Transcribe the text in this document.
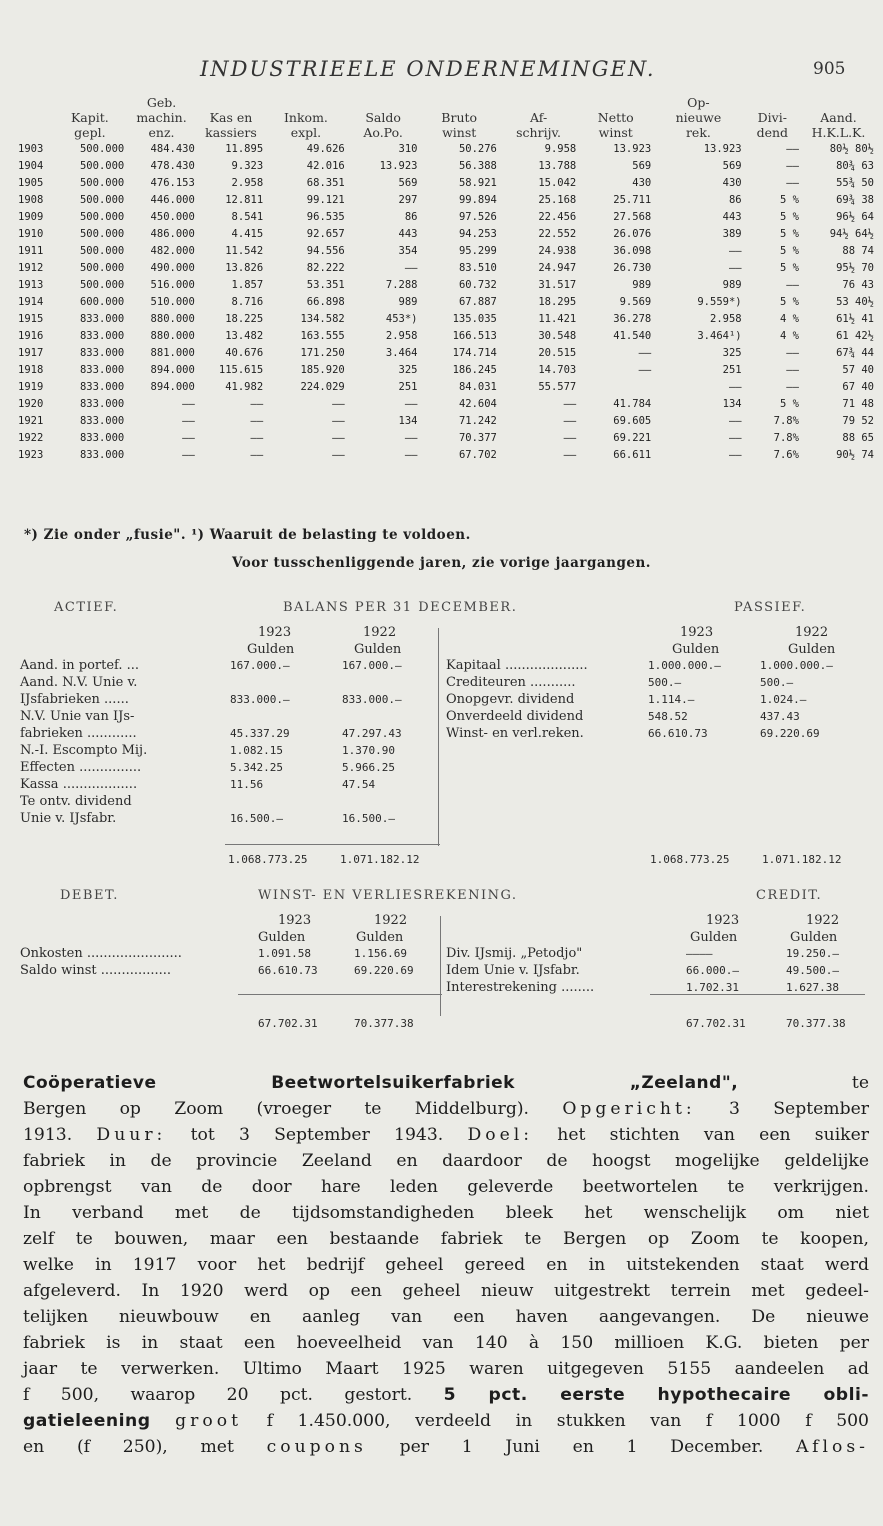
INDUSTRIEELE ONDERNEMINGEN.	905
		Geb.							Op-		
	Kapit.	machin.	Kas en	Inkom.	Saldo	Bruto	Af-	Netto	nieuwe	Divi-	Aand.
	gepl.	enz.	kassiers	expl.	Ao.Po.	winst	schrijv.	winst	rek.	dend	H.K.L.K.
1903	500.000	484.430	11.895	49.626	310	50.276	9.958	13.923	13.923	——	80½ 80½
1904	500.000	478.430	9.323	42.016	13.923	56.388	13.788	569	569	——	80¾ 63
1905	500.000	476.153	2.958	68.351	569	58.921	15.042	430	430	——	55¾ 50
1908	500.000	446.000	12.811	99.121	297	99.894	25.168	25.711	86	5 %	69¾ 38
1909	500.000	450.000	8.541	96.535	86	97.526	22.456	27.568	443	5 %	96½ 64
1910	500.000	486.000	4.415	92.657	443	94.253	22.552	26.076	389	5 %	94½ 64½
1911	500.000	482.000	11.542	94.556	354	95.299	24.938	36.098	——	5 %	88 74
1912	500.000	490.000	13.826	82.222	——	83.510	24.947	26.730	——	5 %	95½ 70
1913	500.000	516.000	1.857	53.351	7.288	60.732	31.517	989	989	——	76 43
1914	600.000	510.000	8.716	66.898	989	67.887	18.295	9.569	9.559*)	5 %	53 40½
1915	833.000	880.000	18.225	134.582	453*)	135.035	11.421	36.278	2.958	4 %	61½ 41
1916	833.000	880.000	13.482	163.555	2.958	166.513	30.548	41.540	3.464¹)	4 %	61 42½
1917	833.000	881.000	40.676	171.250	3.464	174.714	20.515	——	325	——	67¾ 44
1918	833.000	894.000	115.615	185.920	325	186.245	14.703	——	251	——	57 40
1919	833.000	894.000	41.982	224.029	251	84.031	55.577		——	——	67 40
1920	833.000	——	——	——	——	42.604	——	41.784	134	5 %	71 48
1921	833.000	——	——	——	134	71.242	——	69.605	——	7.8%	79 52
1922	833.000	——	——	——	——	70.377	——	69.221	——	7.8%	88 65
1923	833.000	——	——	——	——	67.702	——	66.611	——	7.6%	90½ 74
*) Zie onder „fusie". ¹) Waaruit de belasting te voldoen.
Voor tusschenliggende jaren, zie vorige jaargangen.
ACTIEF.	BALANS PER 31 DECEMBER.	PASSIEF.
1923	1922
Gulden	Gulden
1923	1922
Gulden	Gulden
Aand. in portef. ...	167.000.—	167.000.—
Aand. N.V. Unie v.
IJsfabrieken ......	833.000.—	833.000.—
N.V. Unie van IJs-
fabrieken ............	45.337.29	47.297.43
N.-I. Escompto Mij.	1.082.15	1.370.90
Effecten ...............	5.342.25	5.966.25
Kassa ..................	11.56	47.54
Te ontv. dividend
Unie v. IJsfabr.	16.500.—	16.500.—
Kapitaal ....................	1.000.000.—	1.000.000.—
Crediteuren ...........	500.—	500.—
Onopgevr. dividend	1.114.—	1.024.—
Onverdeeld dividend	548.52	437.43
Winst- en verl.reken.	66.610.73	69.220.69
1.068.773.25	1.071.182.12	1.068.773.25	1.071.182.12
DEBET.	WINST- EN VERLIESREKENING.	CREDIT.
1923	1922
Gulden	Gulden
1923	1922
Gulden	Gulden
Onkosten .......................	1.091.58	1.156.69
Saldo winst .................	66.610.73	69.220.69
Div. IJsmij. „Petodjo"	————	19.250.—
Idem Unie v. IJsfabr.	66.000.—	49.500.—
Interestrekening ........	1.702.31	1.627.38
67.702.31	70.377.38	67.702.31	70.377.38
Coöperatieve Beetwortelsuikerfabriek „Zeeland", te
Bergen op Zoom (vroeger te Middelburg). Opgericht: 3 September
1913. Duur: tot 3 September 1943. Doel: het stichten van een suiker
fabriek in de provincie Zeeland en daardoor de hoogst mogelijke geldelijke
opbrengst van de door hare leden geleverde beetwortelen te verkrijgen.
In verband met de tijdsomstandigheden bleek het wenschelijk om niet
zelf te bouwen, maar een bestaande fabriek te Bergen op Zoom te koopen,
welke in 1917 voor het bedrijf geheel gereed en in uitstekenden staat werd
afgeleverd. In 1920 werd op een geheel nieuw uitgestrekt terrein met gedeel-
telijken nieuwbouw en aanleg van een haven aangevangen. De nieuwe
fabriek is in staat een hoeveelheid van 140 à 150 millioen K.G. bieten per
jaar te verwerken. Ultimo Maart 1925 waren uitgegeven 5155 aandeelen ad
f 500, waarop 20 pct. gestort. 5 pct. eerste hypothecaire obli-
gatieleening groot f 1.450.000, verdeeld in stukken van f 1000 f 500
en (f 250), met coupons per 1 Juni en 1 December. Aflos-
